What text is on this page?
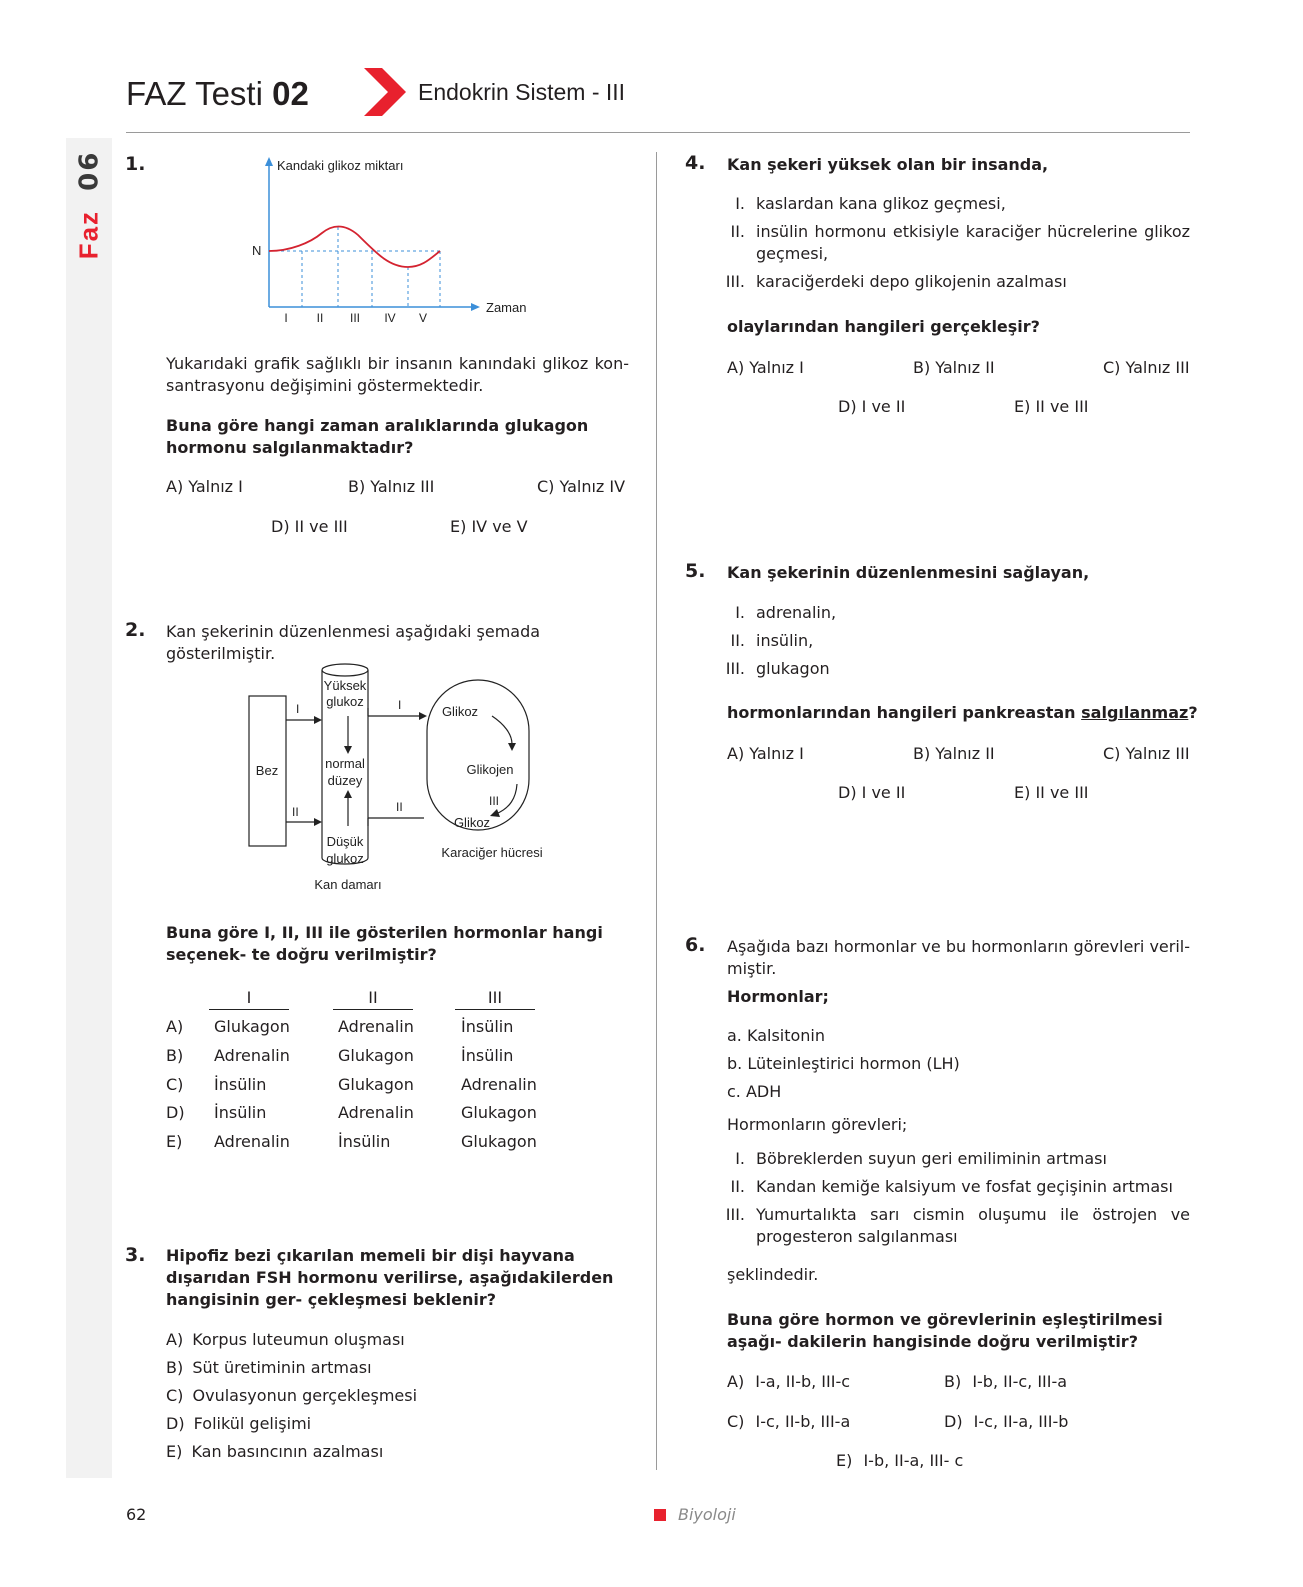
FAZ Testi 02	Endokrin Sistem - III
Faz 06 1.	Kandaki glikoz miktarı
Zaman
N
I II III IV V
Yukarıdaki grafik sağlıklı bir insanın kanındaki glikoz kon- santrasyonu değişimini göstermektedir.
Buna göre hangi zaman aralıklarında glukagon hormonu salgılanmaktadır?
A) Yalnız I	B) Yalnız III	C) Yalnız IV
D) II ve III	E) IV ve V
2. Kan şekerinin düzenlenmesi aşağıdaki şemada gösterilmiştir.
Bez
Yüksek
glukoz
normal
düzey
Düşük
glukoz
Kan damarı
I
II
I
II
Glikoz
Glikojen
Glikoz
III
Karaciğer hücresi
Buna göre I, II, III ile gösterilen hormonlar hangi seçenek- te doğru verilmiştir?
I	II	III
A) Glukagon	Adrenalin	İnsülin
B) Adrenalin	Glukagon	İnsülin
C) İnsülin	Glukagon	Adrenalin
D) İnsülin	Adrenalin	Glukagon
E) Adrenalin	İnsülin	Glukagon
3. Hipofiz bezi çıkarılan memeli bir dişi hayvana dışarıdan FSH hormonu verilirse, aşağıdakilerden hangisinin ger- çekleşmesi beklenir?
A) Korpus luteumun oluşması
B) Süt üretiminin artması
C) Ovulasyonun gerçekleşmesi
D) Folikül gelişimi
E) Kan basıncının azalması
4. Kan şekeri yüksek olan bir insanda,
I. kaslardan kana glikoz geçmesi,
II. insülin hormonu etkisiyle karaciğer hücrelerine glikoz geçmesi,
III. karaciğerdeki depo glikojenin azalması
olaylarından hangileri gerçekleşir?
A) Yalnız I	B) Yalnız II	C) Yalnız III
D) I ve II	E) II ve III
5. Kan şekerinin düzenlenmesini sağlayan,
I. adrenalin,
II. insülin,
III. glukagon
hormonlarından hangileri pankreastan salgılanmaz?
A) Yalnız I	B) Yalnız II	C) Yalnız III
D) I ve II	E) II ve III
6. Aşağıda bazı hormonlar ve bu hormonların görevleri veril- miştir.
Hormonlar;
a. Kalsitonin
b. Lüteinleştirici hormon (LH)
c. ADH
Hormonların görevleri;
I. Böbreklerden suyun geri emiliminin artması
II. Kandan kemiğe kalsiyum ve fosfat geçişinin artması
III. Yumurtalıkta sarı cismin oluşumu ile östrojen ve progesteron salgılanması
şeklindedir.
Buna göre hormon ve görevlerinin eşleştirilmesi aşağı- dakilerin hangisinde doğru verilmiştir?
A) I-a, II-b, III-c	B) I-b, II-c, III-a
C) I-c, II-b, III-a	D) I-c, II-a, III-b
E) I-b, II-a, III- c
62	Biyoloji
